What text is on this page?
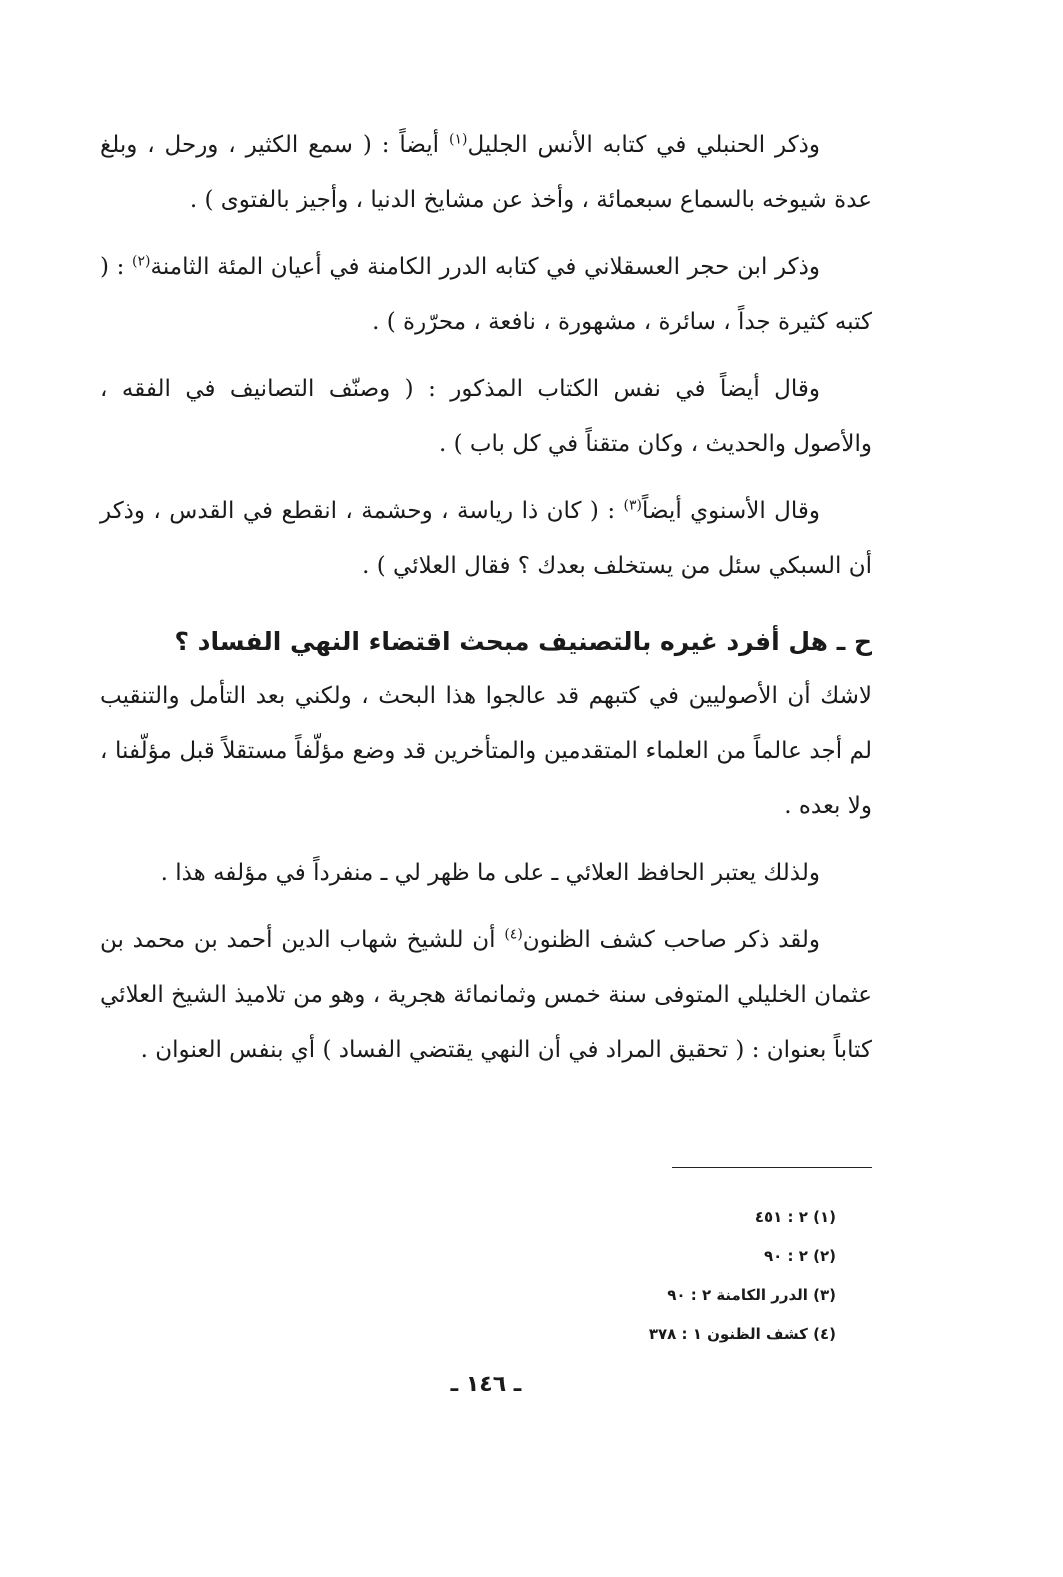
وذكر الحنبلي في كتابه الأنس الجليل$^{(١)}$ أيضاً : ( سمع الكثير ، ورحل ، وبلغ عدة شيوخه بالسماع سبعمائة ، وأخذ عن مشايخ الدنيا ، وأجيز بالفتوى ) .

وذكر ابن حجر العسقلاني في كتابه الدرر الكامنة في أعيان المئة الثامنة$^{(٢)}$ : ( كتبه كثيرة جداً ، سائرة ، مشهورة ، نافعة ، محرّرة ) .

وقال أيضاً في نفس الكتاب المذكور : ( وصنّف التصانيف في الفقه ، والأصول والحديث ، وكان متقناً في كل باب ) .

وقال الأسنوي أيضاً$^{(٣)}$ : ( كان ذا رياسة ، وحشمة ، انقطع في القدس ، وذكر أن السبكي سئل من يستخلف بعدك ؟ فقال العلائي ) .

ح ـ هل أفرد غيره بالتصنيف مبحث اقتضاء النهي الفساد ؟

لاشك أن الأصوليين في كتبهم قد عالجوا هذا البحث ، ولكني بعد التأمل والتنقيب لم أجد عالماً من العلماء المتقدمين والمتأخرين قد وضع مؤلّفاً مستقلاً قبل مؤلّفنا ، ولا بعده .

ولذلك يعتبر الحافظ العلائي ـ على ما ظهر لي ـ منفرداً في مؤلفه هذا .

ولقد ذكر صاحب كشف الظنون$^{(٤)}$ أن للشيخ شهاب الدين أحمد بن محمد بن عثمان الخليلي المتوفى سنة خمس وثمانمائة هجرية ، وهو من تلاميذ الشيخ العلائي كتاباً بعنوان : ( تحقيق المراد في أن النهي يقتضي الفساد ) أي بنفس العنوان .

(١) ٢ : ٤٥١
(٢) ٢ : ٩٠
(٣) الدرر الكامنة ٢ : ٩٠
(٤) كشف الظنون ١ : ٣٧٨
ـ ١٤٦ ـ
